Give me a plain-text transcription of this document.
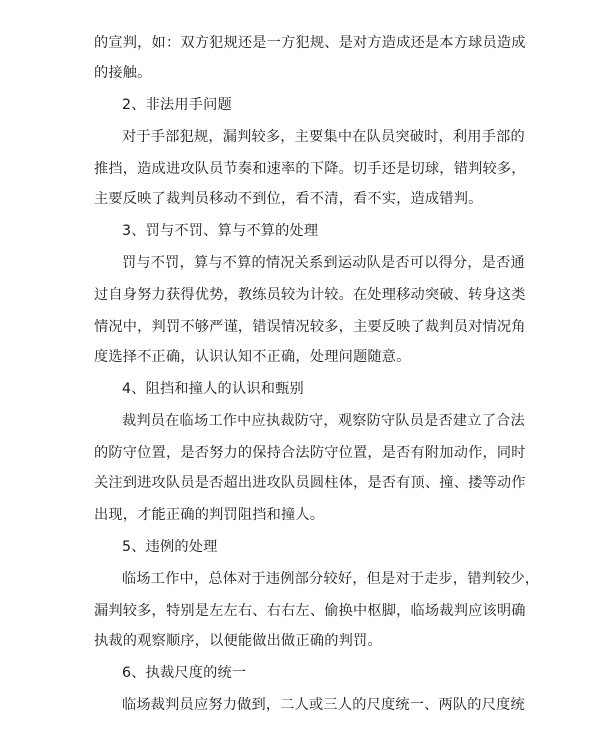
的宣判，如：双方犯规还是一方犯规、是对方造成还是本方球员造成
的接触。
2、非法用手问题
对于手部犯规，漏判较多，主要集中在队员突破时，利用手部的
推挡，造成进攻队员节奏和速率的下降。切手还是切球，错判较多，
主要反映了裁判员移动不到位，看不清，看不实，造成错判。
3、罚与不罚、算与不算的处理
罚与不罚，算与不算的情况关系到运动队是否可以得分，是否通
过自身努力获得优势，教练员较为计较。在处理移动突破、转身这类
情况中，判罚不够严谨，错误情况较多，主要反映了裁判员对情况角
度选择不正确，认识认知不正确，处理问题随意。
4、阻挡和撞人的认识和甄别
裁判员在临场工作中应执裁防守，观察防守队员是否建立了合法
的防守位置，是否努力的保持合法防守位置，是否有附加动作，同时
关注到进攻队员是否超出进攻队员圆柱体，是否有顶、撞、搂等动作
出现，才能正确的判罚阻挡和撞人。
5、违例的处理
临场工作中，总体对于违例部分较好，但是对于走步，错判较少，
漏判较多，特别是左左右、右右左、偷换中枢脚，临场裁判应该明确
执裁的观察顺序，以便能做出做正确的判罚。
6、执裁尺度的统一
临场裁判员应努力做到，二人或三人的尺度统一、两队的尺度统
